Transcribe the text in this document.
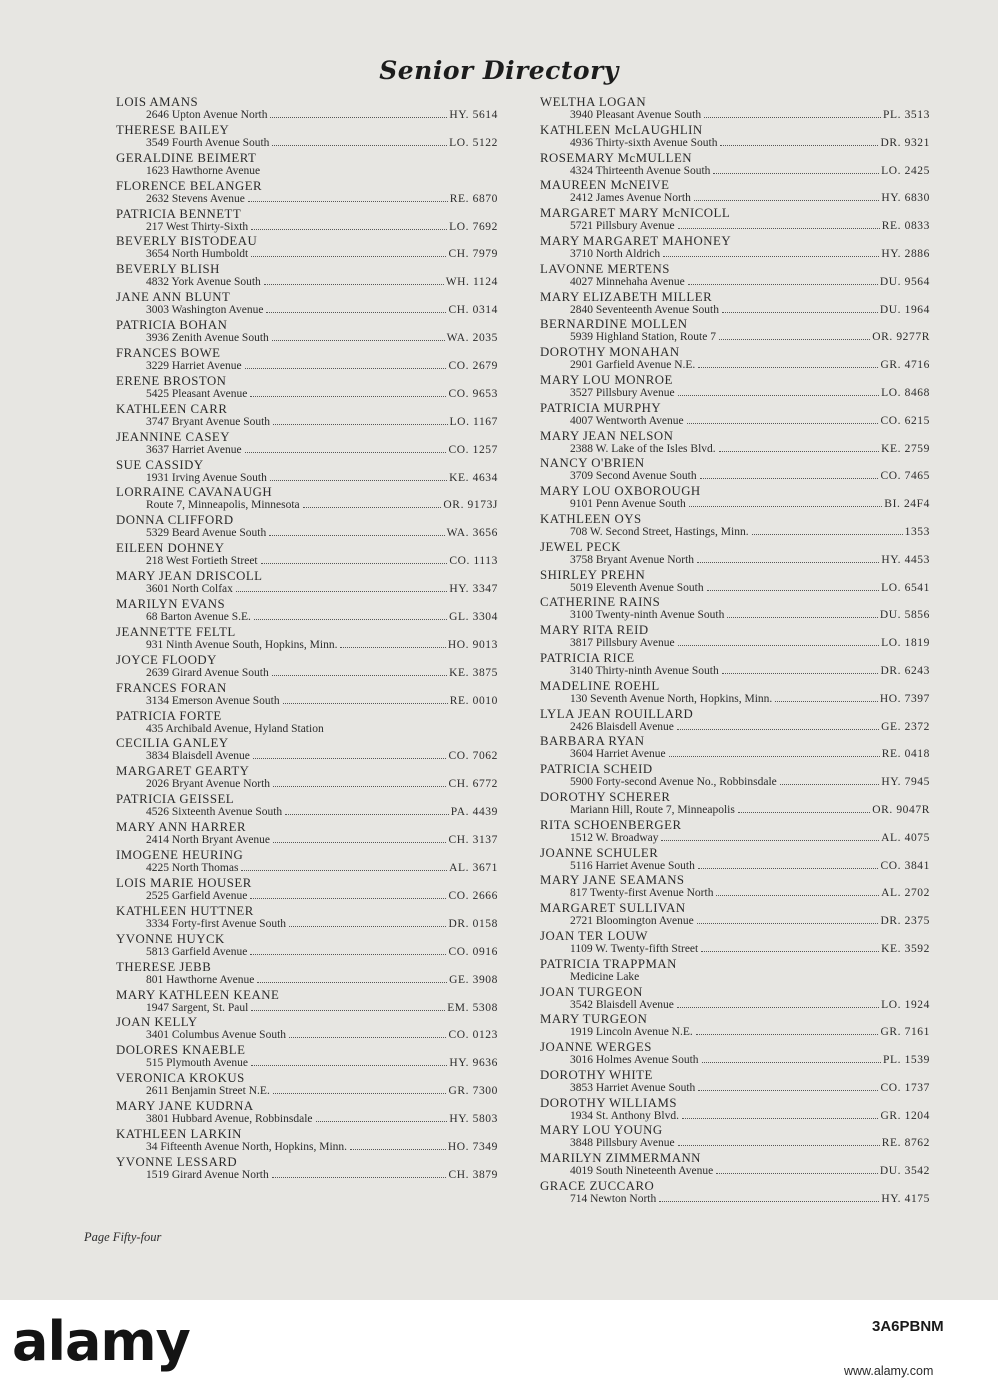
Senior Directory
LOIS AMANS
2646 Upton Avenue North	HY. 5614
THERESE BAILEY
3549 Fourth Avenue South	LO. 5122
GERALDINE BEIMERT
1623 Hawthorne Avenue
FLORENCE BELANGER
2632 Stevens Avenue	RE. 6870
PATRICIA BENNETT
217 West Thirty-Sixth	LO. 7692
BEVERLY BISTODEAU
3654 North Humboldt	CH. 7979
BEVERLY BLISH
4832 York Avenue South	WH. 1124
JANE ANN BLUNT
3003 Washington Avenue	CH. 0314
PATRICIA BOHAN
3936 Zenith Avenue South	WA. 2035
FRANCES BOWE
3229 Harriet Avenue	CO. 2679
ERENE BROSTON
5425 Pleasant Avenue	CO. 9653
KATHLEEN CARR
3747 Bryant Avenue South	LO. 1167
JEANNINE CASEY
3637 Harriet Avenue	CO. 1257
SUE CASSIDY
1931 Irving Avenue South	KE. 4634
LORRAINE CAVANAUGH
Route 7, Minneapolis, Minnesota	OR. 9173J
DONNA CLIFFORD
5329 Beard Avenue South	WA. 3656
EILEEN DOHNEY
218 West Fortieth Street	CO. 1113
MARY JEAN DRISCOLL
3601 North Colfax	HY. 3347
MARILYN EVANS
68 Barton Avenue S.E.	GL. 3304
JEANNETTE FELTL
931 Ninth Avenue South, Hopkins, Minn.	HO. 9013
JOYCE FLOODY
2639 Girard Avenue South	KE. 3875
FRANCES FORAN
3134 Emerson Avenue South	RE. 0010
PATRICIA FORTE
435 Archibald Avenue, Hyland Station
CECILIA GANLEY
3834 Blaisdell Avenue	CO. 7062
MARGARET GEARTY
2026 Bryant Avenue North	CH. 6772
PATRICIA GEISSEL
4526 Sixteenth Avenue South	PA. 4439
MARY ANN HARRER
2414 North Bryant Avenue	CH. 3137
IMOGENE HEURING
4225 North Thomas	AL. 3671
LOIS MARIE HOUSER
2525 Garfield Avenue	CO. 2666
KATHLEEN HUTTNER
3334 Forty-first Avenue South	DR. 0158
YVONNE HUYCK
5813 Garfield Avenue	CO. 0916
THERESE JEBB
801 Hawthorne Avenue	GE. 3908
MARY KATHLEEN KEANE
1947 Sargent, St. Paul	EM. 5308
JOAN KELLY
3401 Columbus Avenue South	CO. 0123
DOLORES KNAEBLE
515 Plymouth Avenue	HY. 9636
VERONICA KROKUS
2611 Benjamin Street N.E.	GR. 7300
MARY JANE KUDRNA
3801 Hubbard Avenue, Robbinsdale	HY. 5803
KATHLEEN LARKIN
34 Fifteenth Avenue North, Hopkins, Minn.	HO. 7349
YVONNE LESSARD
1519 Girard Avenue North	CH. 3879
WELTHA LOGAN
3940 Pleasant Avenue South	PL. 3513
KATHLEEN McLAUGHLIN
4936 Thirty-sixth Avenue South	DR. 9321
ROSEMARY McMULLEN
4324 Thirteenth Avenue South	LO. 2425
MAUREEN McNEIVE
2412 James Avenue North	HY. 6830
MARGARET MARY McNICOLL
5721 Pillsbury Avenue	RE. 0833
MARY MARGARET MAHONEY
3710 North Aldrich	HY. 2886
LAVONNE MERTENS
4027 Minnehaha Avenue	DU. 9564
MARY ELIZABETH MILLER
2840 Seventeenth Avenue South	DU. 1964
BERNARDINE MOLLEN
5939 Highland Station, Route 7	OR. 9277R
DOROTHY MONAHAN
2901 Garfield Avenue N.E.	GR. 4716
MARY LOU MONROE
3527 Pillsbury Avenue	LO. 8468
PATRICIA MURPHY
4007 Wentworth Avenue	CO. 6215
MARY JEAN NELSON
2388 W. Lake of the Isles Blvd.	KE. 2759
NANCY O'BRIEN
3709 Second Avenue South	CO. 7465
MARY LOU OXBOROUGH
9101 Penn Avenue South	BI. 24F4
KATHLEEN OYS
708 W. Second Street, Hastings, Minn.	1353
JEWEL PECK
3758 Bryant Avenue North	HY. 4453
SHIRLEY PREHN
5019 Eleventh Avenue South	LO. 6541
CATHERINE RAINS
3100 Twenty-ninth Avenue South	DU. 5856
MARY RITA REID
3817 Pillsbury Avenue	LO. 1819
PATRICIA RICE
3140 Thirty-ninth Avenue South	DR. 6243
MADELINE ROEHL
130 Seventh Avenue North, Hopkins, Minn.	HO. 7397
LYLA JEAN ROUILLARD
2426 Blaisdell Avenue	GE. 2372
BARBARA RYAN
3604 Harriet Avenue	RE. 0418
PATRICIA SCHEID
5900 Forty-second Avenue No., Robbinsdale	HY. 7945
DOROTHY SCHERER
Mariann Hill, Route 7, Minneapolis	OR. 9047R
RITA SCHOENBERGER
1512 W. Broadway	AL. 4075
JOANNE SCHULER
5116 Harriet Avenue South	CO. 3841
MARY JANE SEAMANS
817 Twenty-first Avenue North	AL. 2702
MARGARET SULLIVAN
2721 Bloomington Avenue	DR. 2375
JOAN TER LOUW
1109 W. Twenty-fifth Street	KE. 3592
PATRICIA TRAPPMAN
Medicine Lake
JOAN TURGEON
3542 Blaisdell Avenue	LO. 1924
MARY TURGEON
1919 Lincoln Avenue N.E.	GR. 7161
JOANNE WERGES
3016 Holmes Avenue South	PL. 1539
DOROTHY WHITE
3853 Harriet Avenue South	CO. 1737
DOROTHY WILLIAMS
1934 St. Anthony Blvd.	GR. 1204
MARY LOU YOUNG
3848 Pillsbury Avenue	RE. 8762
MARILYN ZIMMERMANN
4019 South Nineteenth Avenue	DU. 3542
GRACE ZUCCARO
714 Newton North	HY. 4175
Page Fifty-four
alamy	3A6PBNM
www.alamy.com
